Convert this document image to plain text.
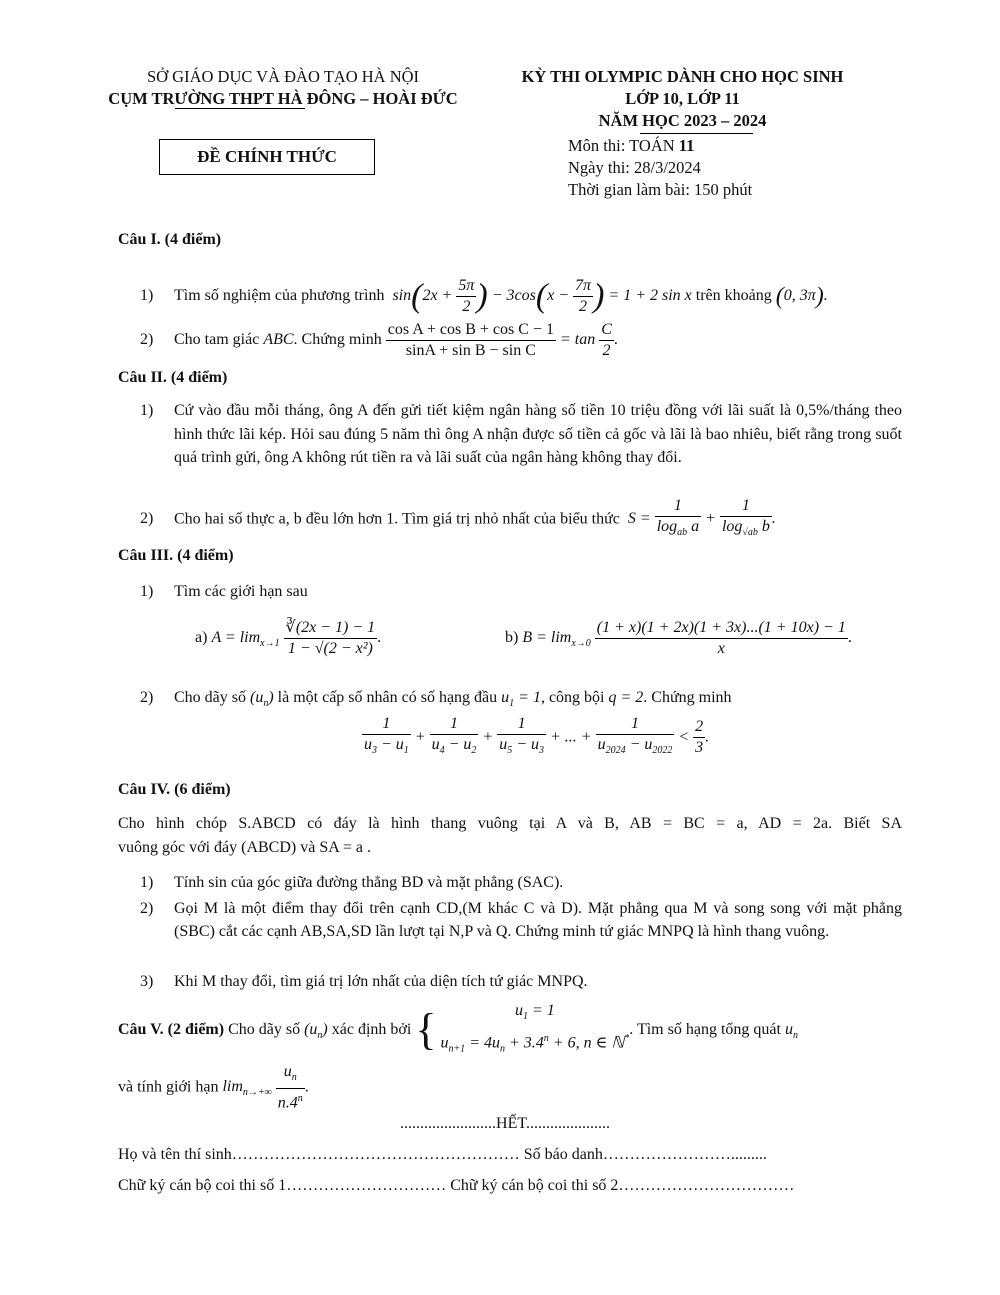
SỞ GIÁO DỤC VÀ ĐÀO TẠO HÀ NỘI
CỤM TRƯỜNG THPT HÀ ĐÔNG – HOÀI ĐỨC
ĐỀ CHÍNH THỨC
KỲ THI OLYMPIC DÀNH CHO HỌC SINH
LỚP 10, LỚP 11
NĂM HỌC 2023 – 2024
Môn thi: TOÁN 11
Ngày thi: 28/3/2024
Thời gian làm bài: 150 phút
Câu I. (4 điểm)
1) Tìm số nghiệm của phương trình  $\sin(2x + \frac{5\pi}{2}$ ) − $3\cos(x - \frac{7\pi}{2}$ ) = 1 + 2 sin x trên khoảng (0, 3π).
2) Cho tam giác ABC. Chứng minh $\frac{\text{cos A + cos B + cos C − 1}}{\text{sinA + sin B − sin C}} = \tan \frac{C}{2}$ .
Câu II. (4 điểm)
1)	Cứ vào đầu mỗi tháng, ông A đến gửi tiết kiệm ngân hàng số tiền 10 triệu đồng với lãi suất là 0,5%/tháng theo hình thức lãi kép. Hỏi sau đúng 5 năm thì ông A nhận được số tiền cả gốc và lãi là bao nhiêu, biết rằng trong suốt quá trình gửi, ông A không rút tiền ra và lãi suất của ngân hàng không thay đổi.
2) Cho hai số thực a, b đều lớn hơn 1. Tìm giá trị nhỏ nhất của biểu thức  $S = \frac{1}{\log_{ab} a} + \frac{1}{\log_{√ab} b}$ .
Câu III. (4 điểm)
1) Tìm các giới hạn sau
a) $A = \lim_{x\to 1} \frac{∛(2x - 1) - 1}{\text{1 − √(2 − x²)}}$ .	b) $B = \lim_{x\to 0} \frac{(1 + x)(1 + 2x)(1 + 3x)...(1 + 10x) - 1}{x}$ .
2) Cho dãy số $(u_n)$ là một cấp số nhân có số hạng đầu $u_1 = 1$, công bội q = 2. Chứng minh
$\frac{1}{u_3 - u_1} + \frac{1}{u_4 - u_2} + \frac{1}{u_5 - u_3}$ + ... + $\frac{1}{u_{2024} - u_{2022}} < \frac{2}{3}$ .
Câu IV. (6 điểm)
Cho hình chóp S.ABCD có đáy là hình thang vuông tại A và B, AB = BC = a, AD = 2a. Biết SA
vuông góc với đáy (ABCD) và SA = a .
1)	Tính sin của góc giữa đường thẳng BD và mặt phẳng (SAC).
2)	Gọi M là một điểm thay đổi trên cạnh CD,(M khác C và D). Mặt phẳng qua M và song song với mặt phẳng (SBC) cắt các cạnh AB,SA,SD lần lượt tại N,P và Q. Chứng minh tứ giác MNPQ là hình thang vuông.
3)	Khi M thay đổi, tìm giá trị lớn nhất của diện tích tứ giác MNPQ.
Câu V. (2 điểm) Cho dãy số $(u_n)$ xác định bởi {	$u_1 = 1$
$u_{n+1} = 4u_n + 3.4^n + 6$, n ∈ ℕ*
. Tìm số hạng tổng quát $u_n$
và tính giới hạn $\lim_{n\to+\infty} \frac{u_n}{n.4^n}$ .
........................HẾT.....................
Họ và tên thí sinh……………………………………………… Số báo danh…………………….........
Chữ ký cán bộ coi thi số 1………………………… Chữ ký cán bộ coi thi số 2……………………………
